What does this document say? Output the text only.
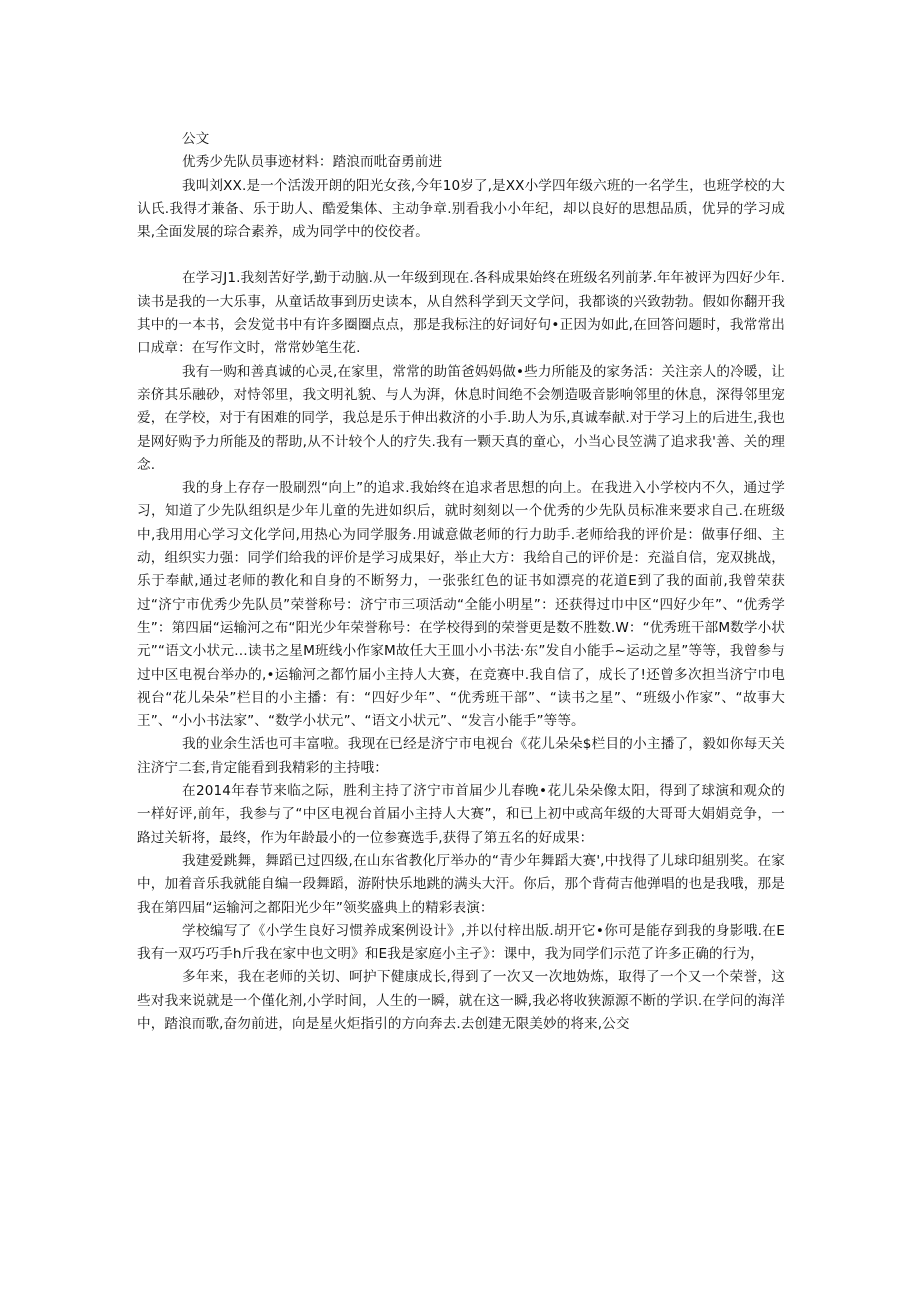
公文

优秀少先队员事迹材料：踏浪而吡奋勇前进

我叫刘XX.是一个活泼开朗的阳光女孩,今年10岁了,是XX小学四年级六班的一名学生，也班学校的大认氏.我得才兼备、乐于助人、酷爱集体、主动争章.别看我小小年纪，却以良好的思想品质，优异的学习成果,全面发展的琮合素养，成为同学中的佼佼者。

在学习J1.我刻苦好学,勤于动脑.从一年级到现在.各科成果始终在班级名列前茅.年年被评为四好少年.读书是我的一大乐事，从童话故事到历史读本，从自然科学到天文学问，我都谈的兴致勃勃。假如你翻开我其中的一本书，会发觉书中有许多圈圈点点，那是我标注的好词好句•正因为如此,在回答问题时，我常常出口成章：在写作文时，常常妙笔生花.

我有一购和善真诚的心灵,在家里，常常的助笛爸妈妈做•些力所能及的家务活：关注亲人的冷暖，让亲侪其乐融砂，对恃邻里，我文明礼貌、与人为湃，休息时间绝不会刎造吸音影响邻里的休息，深得邻里宠爱，在学校，对于有困难的同学，我总是乐于伸出救济的小手.助人为乐,真诚奉献.对于学习上的后进生,我也是网好购予力所能及的帮助,从不计较个人的疗失.我有一颗天真的童心，小当心艮笠满了追求我'善、关的理念.

我的身上存存一股刷烈“向上”的追求.我始终在追求者思想的向上。在我进入小学校内不久，通过学习，知道了少先队组织是少年儿童的先进如织后，就时刻刻以一个优秀的少先队员标准来要求自己.在班级中,我用用心学习文化学问,用热心为同学服务.用诚意做老师的行力助手.老师给我的评价是：做事仔细、主动，组织实力强：同学们给我的评价是学习成果好，举止大方：我给自己的评价是：充溢自信，宠双挑战，乐于奉献,通过老师的教化和自身的不断努力，一张张红色的证书如漂亮的花道E到了我的面前,我曾荣获过“济宁市优秀少先队员”荣誉称号：济宁市三项活动“全能小明星”：还获得过巾中区“四好少年”、“优秀学生”：第四届“运输河之布“阳光少年荣誉称号：在学校得到的荣誉更是数不胜数.W：“优秀班干部M数学小状元”“语文小状元…读书之星M班线小作家M故任大王皿小小书法·东”发自小能手~运动之星”等等，我曾参与过中区电視台举办的,•运输河之都竹届小主持人大赛，在竞赛中.我自信了，成长了!还曾多次担当济宁巾电视台“花儿朵朵”栏目的小主播：有：“四好少年”、“优秀班干部”、“读书之星”、“班级小作家”、“故事大王”、“小小书法家”、“数学小状元”、“语文小状元”、“发言小能手”等等。

我的业余生活也可丰富啦。我现在已经是济宁市电视台《花儿朵朵$栏目的小主播了，毅如你每天关注济宁二套,肯定能看到我精彩的主持哦：

在2014年春节来临之际，胜利主持了济宁市首届少儿春晚•花儿朵朵像太阳，得到了球演和观众的一样好评,前年，我参与了“中区电视台首届小主持人大赛”，和已上初中或高年级的大哥哥大娟娟竞争，一路过关斩将，最终，作为年龄最小的一位参赛选手,获得了第五名的好成果：

我建爱跳舞，舞蹈已过四级,在山东省教化厅举办的“青少年舞蹈大赛',中找得了儿球印組别奖。在家中，加着音乐我就能自编一段舞蹈，游附快乐地跳的满头大汗。你后，那个背荷吉他弹唱的也是我哦，那是我在第四届“运输河之都阳光少年”领奖盛典上的精彩表演：

学校编写了《小学生良好习惯养成案例设计》,并以付梓出版.胡开它•你可是能存到我的身影哦.在E我有一双巧巧手h斤我在家中也文明》和E我是家庭小主孑》：课中，我为同学们示范了许多正确的行为，

多年来，我在老师的关切、呵护下健康成长,得到了一次又一次地妫炼，取得了一个又一个荣誉，这些对我来说就是一个僅化剂,小学时间，人生的一瞬，就在这一瞬,我必将收狭源源不断的学识.在学问的海洋中，踏浪而歌,奋勿前进，向是星火炬指引的方向奔去.去创建无限美妙的将来,公交
